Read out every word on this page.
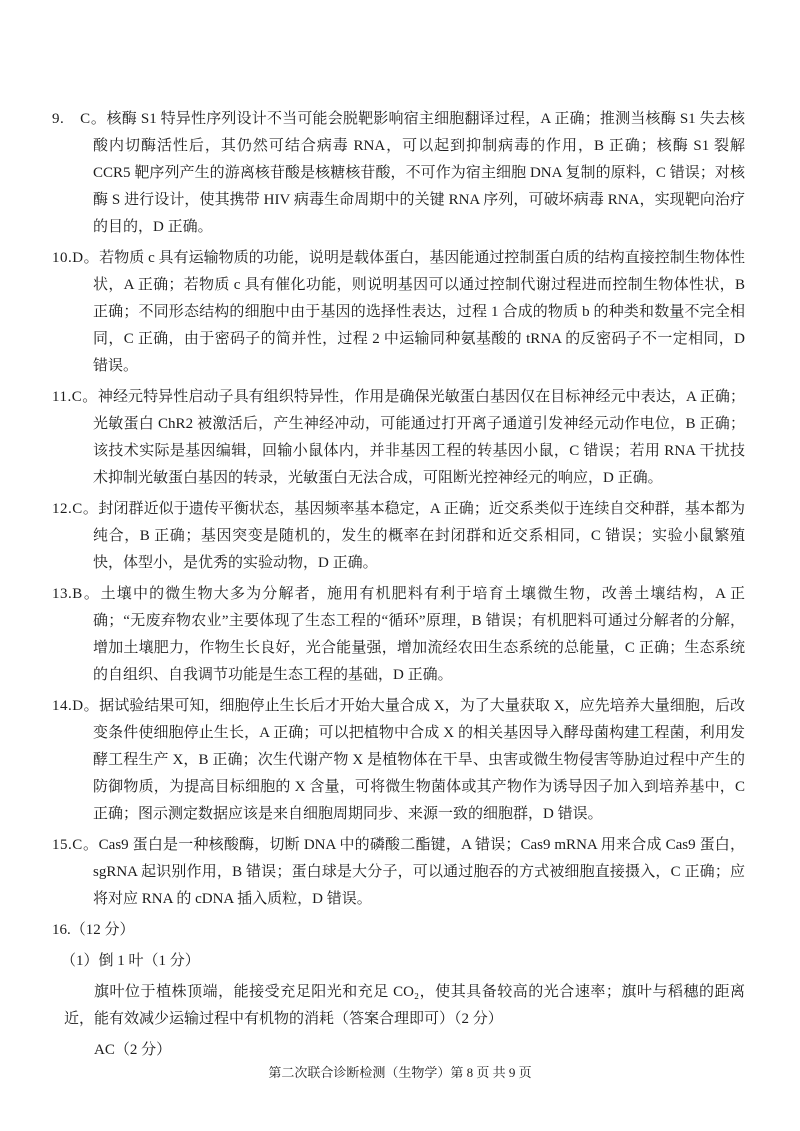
9.　C。核酶 S1 特异性序列设计不当可能会脱靶影响宿主细胞翻译过程，A 正确；推测当核酶 S1 失去核酸内切酶活性后，其仍然可结合病毒 RNA，可以起到抑制病毒的作用，B 正确；核酶 S1 裂解 CCR5 靶序列产生的游离核苷酸是核糖核苷酸，不可作为宿主细胞 DNA 复制的原料，C 错误；对核酶 S 进行设计，使其携带 HIV 病毒生命周期中的关键 RNA 序列，可破坏病毒 RNA，实现靶向治疗的目的，D 正确。

10.D。若物质 c 具有运输物质的功能，说明是载体蛋白，基因能通过控制蛋白质的结构直接控制生物体性状，A 正确；若物质 c 具有催化功能，则说明基因可以通过控制代谢过程进而控制生物体性状，B 正确；不同形态结构的细胞中由于基因的选择性表达，过程 1 合成的物质 b 的种类和数量不完全相同，C 正确，由于密码子的简并性，过程 2 中运输同种氨基酸的 tRNA 的反密码子不一定相同，D 错误。

11.C。神经元特异性启动子具有组织特异性，作用是确保光敏蛋白基因仅在目标神经元中表达，A 正确；光敏蛋白 ChR2 被激活后，产生神经冲动，可能通过打开离子通道引发神经元动作电位，B 正确；该技术实际是基因编辑，回输小鼠体内，并非基因工程的转基因小鼠，C 错误；若用 RNA 干扰技术抑制光敏蛋白基因的转录，光敏蛋白无法合成，可阻断光控神经元的响应，D 正确。

12.C。封闭群近似于遗传平衡状态，基因频率基本稳定，A 正确；近交系类似于连续自交种群，基本都为纯合，B 正确；基因突变是随机的，发生的概率在封闭群和近交系相同，C 错误；实验小鼠繁殖快，体型小，是优秀的实验动物，D 正确。

13.B。土壤中的微生物大多为分解者，施用有机肥料有利于培育土壤微生物，改善土壤结构，A 正确；“无废弃物农业”主要体现了生态工程的“循环”原理，B 错误；有机肥料可通过分解者的分解，增加土壤肥力，作物生长良好，光合能量强，增加流经农田生态系统的总能量，C 正确；生态系统的自组织、自我调节功能是生态工程的基础，D 正确。

14.D。据试验结果可知，细胞停止生长后才开始大量合成 X，为了大量获取 X，应先培养大量细胞，后改变条件使细胞停止生长，A 正确；可以把植物中合成 X 的相关基因导入酵母菌构建工程菌，利用发酵工程生产 X，B 正确；次生代谢产物 X 是植物体在干旱、虫害或微生物侵害等胁迫过程中产生的防御物质，为提高目标细胞的 X 含量，可将微生物菌体或其产物作为诱导因子加入到培养基中，C 正确；图示测定数据应该是来自细胞周期同步、来源一致的细胞群，D 错误。

15.C。Cas9 蛋白是一种核酸酶，切断 DNA 中的磷酸二酯键，A 错误；Cas9 mRNA 用来合成 Cas9 蛋白，sgRNA 起识别作用，B 错误；蛋白球是大分子，可以通过胞吞的方式被细胞直接摄入，C 正确；应将对应 RNA 的 cDNA 插入质粒，D 错误。

16.（12 分）

（1）倒 1 叶（1 分）

旗叶位于植株顶端，能接受充足阳光和充足 CO₂，使其具备较高的光合速率；旗叶与稻穗的距离近，能有效减少运输过程中有机物的消耗（答案合理即可）（2 分）

AC（2 分）

第二次联合诊断检测（生物学）第 8 页 共 9 页
